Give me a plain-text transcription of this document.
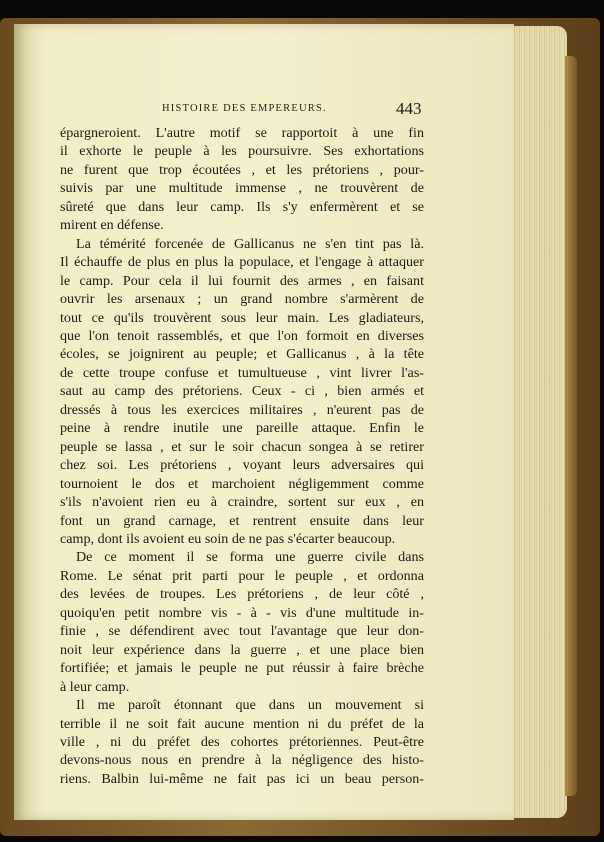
HISTOIRE DES EMPEREURS.	443
épargneroient. L'autre motif se rapportoit à une fin
il exhorte le peuple à les poursuivre. Ses exhortations
ne furent que trop écoutées , et les prétoriens , pour-
suivis par une multitude immense , ne trouvèrent de
sûreté que dans leur camp. Ils s'y enfermèrent et se
mirent en défense.
La témérité forcenée de Gallicanus ne s'en tint pas là.
Il échauffe de plus en plus la populace, et l'engage à attaquer
le camp. Pour cela il lui fournit des armes , en faisant
ouvrir les arsenaux ; un grand nombre s'armèrent de
tout ce qu'ils trouvèrent sous leur main. Les gladiateurs,
que l'on tenoit rassemblés, et que l'on formoit en diverses
écoles, se joignirent au peuple; et Gallicanus , à la tête
de cette troupe confuse et tumultueuse , vint livrer l'as-
saut au camp des prétoriens. Ceux - ci , bien armés et
dressés à tous les exercices militaires , n'eurent pas de
peine à rendre inutile une pareille attaque. Enfin le
peuple se lassa , et sur le soir chacun songea à se retirer
chez soi. Les prétoriens , voyant leurs adversaires qui
tournoient le dos et marchoient négligemment comme
s'ils n'avoient rien eu à craindre, sortent sur eux , en
font un grand carnage, et rentrent ensuite dans leur
camp, dont ils avoient eu soin de ne pas s'écarter beaucoup.
De ce moment il se forma une guerre civile dans
Rome. Le sénat prit parti pour le peuple , et ordonna
des levées de troupes. Les prétoriens , de leur côté ,
quoiqu'en petit nombre vis - à - vis d'une multitude in-
finie , se défendirent avec tout l'avantage que leur don-
noit leur expérience dans la guerre , et une place bien
fortifiée; et jamais le peuple ne put réussir à faire brèche
à leur camp.
Il me paroît étonnant que dans un mouvement si
terrible il ne soit fait aucune mention ni du préfet de la
ville , ni du préfet des cohortes prétoriennes. Peut-être
devons-nous nous en prendre à la négligence des histo-
riens. Balbin lui-même ne fait pas ici un beau person-
